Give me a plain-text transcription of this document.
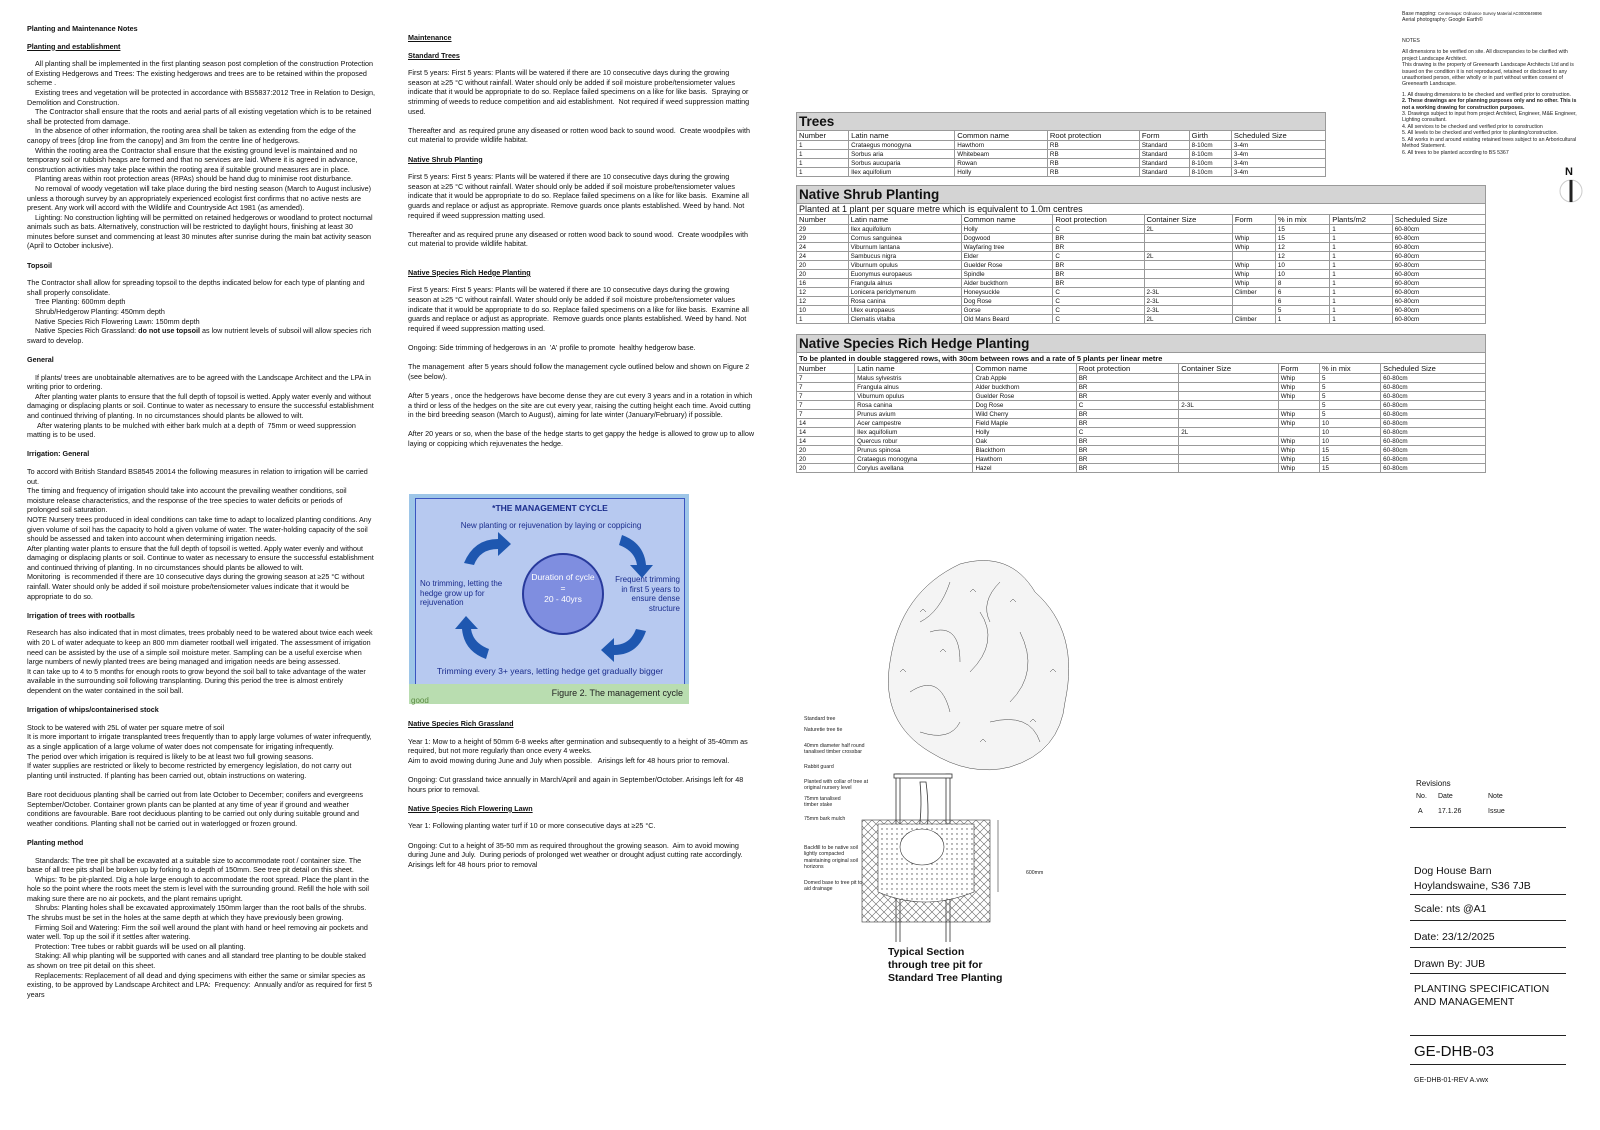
Planting and Maintenance Notes
Planting and establishment
All planting shall be implemented in the first planting season post completion of the construction Protection of Existing Hedgerows and Trees: The existing hedgerows and trees are to be retained within the proposed scheme .
Existing trees and vegetation will be protected in accordance with BS5837:2012 Tree in Relation to Design, Demolition and Construction.
The Contractor shall ensure that the roots and aerial parts of all existing vegetation which is to be retained shall be protected from damage.
In the absence of other information, the rooting area shall be taken as extending from the edge of the canopy of trees [drop line from the canopy] and 3m from the centre line of hedgerows.
Within the rooting area the Contractor shall ensure that the existing ground level is maintained and no temporary soil or rubbish heaps are formed and that no services are laid. Where it is agreed in advance, construction activities may take place within the rooting area if suitable ground measures are in place.
Planting areas within root protection areas (RPAs) should be hand dug to minimise root disturbance.
No removal of woody vegetation will take place during the bird nesting season (March to August inclusive) unless a thorough survey by an appropriately experienced ecologist first confirms that no active nests are present. Any work will accord with the Wildlife and Countryside Act 1981 (as amended).
Lighting: No construction lighting will be permitted on retained hedgerows or woodland to protect nocturnal  animals such as bats. Alternatively, construction will be restricted to daylight hours, finishing at least 30 minutes before sunset and commencing at least 30 minutes after sunrise during the main bat activity season (April to October inclusive).
Topsoil
The Contractor shall allow for spreading topsoil to the depths indicated below for each type of planting and shall properly consolidate.
Tree Planting: 600mm depth
Shrub/Hedgerow Planting: 450mm depth
Native Species Rich Flowering Lawn: 150mm depth
Native Species Rich Grassland: do not use topsoil as low nutrient levels of subsoil will allow species rich sward to develop.
General
If plants/ trees are unobtainable alternatives are to be agreed with the Landscape Architect and the LPA in writing prior to ordering.
After planting water plants to ensure that the full depth of topsoil is wetted. Apply water evenly and without damaging or displacing plants or soil. Continue to water as necessary to ensure the successful establishment and continued thriving of planting. In no circumstances should plants be allowed to wilt.
After watering plants to be mulched with either bark mulch at a depth of  75mm or weed suppression matting is to be used.
Irrigation: General
To accord with British Standard BS8545 20014 the following measures in relation to irrigation will be carried out.
The timing and frequency of irrigation should take into account the prevailing weather conditions, soil moisture release characteristics, and the response of the tree species to water deficits or periods of prolonged soil saturation.
NOTE Nursery trees produced in ideal conditions can take time to adapt to localized planting conditions. Any given volume of soil has the capacity to hold a given volume of water. The water-holding capacity of the soil should be assessed and taken into account when determining irrigation needs.
After planting water plants to ensure that the full depth of topsoil is wetted. Apply water evenly and without damaging or displacing plants or soil. Continue to water as necessary to ensure the successful establishment and continued thriving of planting. In no circumstances should plants be allowed to wilt.
Monitoring  is recommended if there are 10 consecutive days during the growing season at ≥25 °C without rainfall. Water should only be added if soil moisture probe/tensiometer values indicate that it would be appropriate to do so.
Irrigation of trees with rootballs
Research has also indicated that in most climates, trees probably need to be watered about twice each week with 20 L of water adequate to keep an 800 mm diameter rootball well irrigated. The assessment of irrigation need can be assisted by the use of a simple soil moisture meter. Sampling can be a useful exercise when large numbers of newly planted trees are being managed and irrigation needs are being assessed.
It can take up to 4 to 5 months for enough roots to grow beyond the soil ball to take advantage of the water available in the surrounding soil following transplanting. During this period the tree is almost entirely dependent on the water contained in the soil ball.
Irrigation of whips/containerised stock
Stock to be watered with 25L of water per square metre of soil
It is more important to irrigate transplanted trees frequently than to apply large volumes of water infrequently, as a single application of a large volume of water does not compensate for irrigating infrequently.
The period over which irrigation is required is likely to be at least two full growing seasons.
If water supplies are restricted or likely to become restricted by emergency legislation, do not carry out planting until instructed. If planting has been carried out, obtain instructions on watering.
Bare root deciduous planting shall be carried out from late October to December; conifers and evergreens September/October. Container grown plants can be planted at any time of year if ground and weather conditions are favourable. Bare root deciduous planting to be carried out only during suitable ground and weather conditions. Planting shall not be carried out in waterlogged or frozen ground.
Planting method
Standards: The tree pit shall be excavated at a suitable size to accommodate root / container size. The base of all tree pits shall be broken up by forking to a depth of 150mm. See tree pit detail on this sheet.
Whips: To be pit-planted. Dig a hole large enough to accommodate the root spread. Place the plant in the hole so the point where the roots meet the stem is level with the surrounding ground. Refill the hole with soil making sure there are no air pockets, and the plant remains upright.
Shrubs: Planting holes shall be excavated approximately 150mm larger than the root balls of the shrubs. The shrubs must be set in the holes at the same depth at which they have previously been growing.
Firming Soil and Watering: Firm the soil well around the plant with hand or heel removing air pockets and water well. Top up the soil if it settles after watering.
Protection: Tree tubes or rabbit guards will be used on all planting.
Staking: All whip planting will be supported with canes and all standard tree planting to be double staked as shown on tree pit detail on this sheet.
Replacements: Replacement of all dead and dying specimens with either the same or similar species as existing, to be approved by Landscape Architect and LPA:  Frequency:  Annually and/or as required for first 5 years
Maintenance
Standard Trees

First 5 years: First 5 years: Plants will be watered if there are 10 consecutive days during the growing season at ≥25 °C without rainfall. Water should only be added if soil moisture probe/tensiometer values indicate that it would be appropriate to do so. Replace failed specimens on a like for like basis.  Spraying or strimming of weeds to reduce competition and aid establishment.  Not required if weed suppression matting used.

Thereafter and  as required prune any diseased or rotten wood back to sound wood.  Create woodpiles with cut material to provide wildlife habitat.

Native Shrub Planting

First 5 years: First 5 years: Plants will be watered if there are 10 consecutive days during the growing season at ≥25 °C without rainfall. Water should only be added if soil moisture probe/tensiometer values indicate that it would be appropriate to do so. Replace failed specimens on a like for like basis.  Examine all guards and replace or adjust as appropriate. Remove guards once plants established. Weed by hand. Not required if weed suppression matting used.

Thereafter and as required prune any diseased or rotten wood back to sound wood.  Create woodpiles with cut material to provide wildlife habitat.

Native Species Rich Hedge Planting

First 5 years: First 5 years: Plants will be watered if there are 10 consecutive days during the growing season at ≥25 °C without rainfall. Water should only be added if soil moisture probe/tensiometer values indicate that it would be appropriate to do so. Replace failed specimens on a like for like basis.  Examine all guards and replace or adjust as appropriate.  Remove guards once plants established. Weed by hand. Not required if weed suppression matting used.

Ongoing: Side trimming of hedgerows in an  'A' profile to promote  healthy hedgerow base.

The management  after 5 years should follow the management cycle outlined below and shown on Figure 2 (see below).

After 5 years , once the hedgerows have become dense they are cut every 3 years and in a rotation in which a third or less of the hedges on the site are cut every year, raising the cutting height each time. Avoid cutting in the bird breeding season (March to August), aiming for late winter (January/February) if possible.

After 20 years or so, when the base of the hedge starts to get gappy the hedge is allowed to grow up to allow laying or coppicing which rejuvenates the hedge.

*THE MANAGEMENT CYCLE
New planting or rejuvenation by laying or coppicing
No trimming, letting the
hedge grow up for
rejuvenation
Frequent trimming
in first 5 years to
ensure dense
structure
Duration of cycle
=
20 - 40yrs
Trimming every 3+ years, letting hedge get gradually bigger
Figure 2. The management cycle
good
Native Species Rich Grassland

Year 1: Mow to a height of 50mm 6-8 weeks after germination and subsequently to a height of 35-40mm as required, but not more regularly than once every 4 weeks.
Aim to avoid mowing during June and July when possible.   Arisings left for 48 hours prior to removal.

Ongoing: Cut grassland twice annually in March/April and again in September/October. Arisings left for 48 hours prior to removal.

Native Species Rich Flowering Lawn

Year 1: Following planting water turf if 10 or more consecutive days at ≥25 °C.

Ongoing: Cut to a height of 35-50 mm as required throughout the growing season.  Aim to avoid mowing during June and July.  During periods of prolonged wet weather or drought adjust cutting rate accordingly.  Arisings left for 48 hours prior to removal

Trees						
Number	Latin name	Common name	Root protection	Form	Girth	Scheduled Size
1	Crataegus monogyna	Hawthorn	RB	Standard	8-10cm	3-4m
1	Sorbus aria	Whitebeam	RB	Standard	8-10cm	3-4m
1	Sorbus aucuparia	Rowan	RB	Standard	8-10cm	3-4m
1	Ilex aquifolium	Holly	RB	Standard	8-10cm	3-4m
Native Shrub Planting								
Planted at 1 plant per square metre which is equivalent to 1.0m centres								
Number	Latin name	Common name	Root protection	Container Size	Form	% in mix	Plants/m2	Scheduled Size
29	Ilex aquifolium	Holly	C	2L		15	1	60-80cm
29	Cornus sanguinea	Dogwood	BR		Whip	15	1	60-80cm
24	Viburnum lantana	Wayfaring tree	BR		Whip	12	1	60-80cm
24	Sambucus nigra	Elder	C	2L		12	1	60-80cm
20	Viburnum opulus	Guelder Rose	BR		Whip	10	1	60-80cm
20	Euonymus europaeus	Spindle	BR		Whip	10	1	60-80cm
16	Frangula alnus	Alder buckthorn	BR		Whip	8	1	60-80cm
12	Lonicera periclymenum	Honeysuckle	C	2-3L	Climber	6	1	60-80cm
12	Rosa canina	Dog Rose	C	2-3L		6	1	60-80cm
10	Ulex europaeus	Gorse	C	2-3L		5	1	60-80cm
1	Clematis vitalba	Old Mans Beard	C	2L	Climber	1	1	60-80cm
Native Species Rich Hedge Planting							
To be planted in double staggered rows, with 30cm between rows and a rate of 5 plants per linear metre							
Number	Latin name	Common name	Root protection	Container Size	Form	% in mix	Scheduled Size
7	Malus sylvestris	Crab Apple	BR		Whip	5	60-80cm
7	Frangula alnus	Alder buckthorn	BR		Whip	5	60-80cm
7	Viburnum opulus	Guelder Rose	BR		Whip	5	60-80cm
7	Rosa canina	Dog Rose	C	2-3L		5	60-80cm
7	Prunus avium	Wild Cherry	BR		Whip	5	60-80cm
14	Acer campestre	Field Maple	BR		Whip	10	60-80cm
14	Ilex aquifolium	Holly	C	2L		10	60-80cm
14	Quercus robur	Oak	BR		Whip	10	60-80cm
20	Prunus spinosa	Blackthorn	BR		Whip	15	60-80cm
20	Crataegus monogyna	Hawthorn	BR		Whip	15	60-80cm
20	Corylus avellana	Hazel	BR		Whip	15	60-80cm
Standard tree
Naturetie tree tie
40mm diameter half round
tanalised timber crossbar
Rabbit guard
Planted with collar of tree at
original nursery level
75mm tanalised
timber stake
75mm bark mulch
Backfill to be native soil
lightly compacted
maintaining original soil
horizons
Domed base to tree pit to
aid drainage
600mm
Typical Section
through tree pit for
Standard Tree Planting
Base mapping: Centremaps: Ordnance Survey Material AC0000849896
Aerial photography: Google Earth©
NOTES
All dimensions to be verified on site. All discrepancies to be clarified with project Landscape Architect.
This drawing is the property of Greenearth Landscape Architects Ltd and is issued on the condition it is not reproduced, retained or disclosed to any unauthorised person, either wholly or in part without written consent of Greenearth Landscape.
1. All drawing dimensions to be checked and verified prior to construction.
2. These drawings are for planning purposes only and no other. This is not a working drawing for construction purposes.
3. Drawings subject to input from project Architect, Engineer, M&E Engineer, Lighting consultant.
4. All services to be checked and verified prior to construction
5. All levels to be checked and verified prior to planting/construction.
5. All works in and around existing retained trees subject to an Arboricultural Method Statement.
6. All trees to be planted according to BS 5367
N
Revisions
No. Date	Note
A 17.1.26	Issue
Dog House Barn
Hoylandswaine, S36 7JB
Scale: nts @A1
Date: 23/12/2025
Drawn By: JUB
PLANTING SPECIFICATION
AND MANAGEMENT
GE-DHB-03
GE-DHB-01-REV A.vwx
